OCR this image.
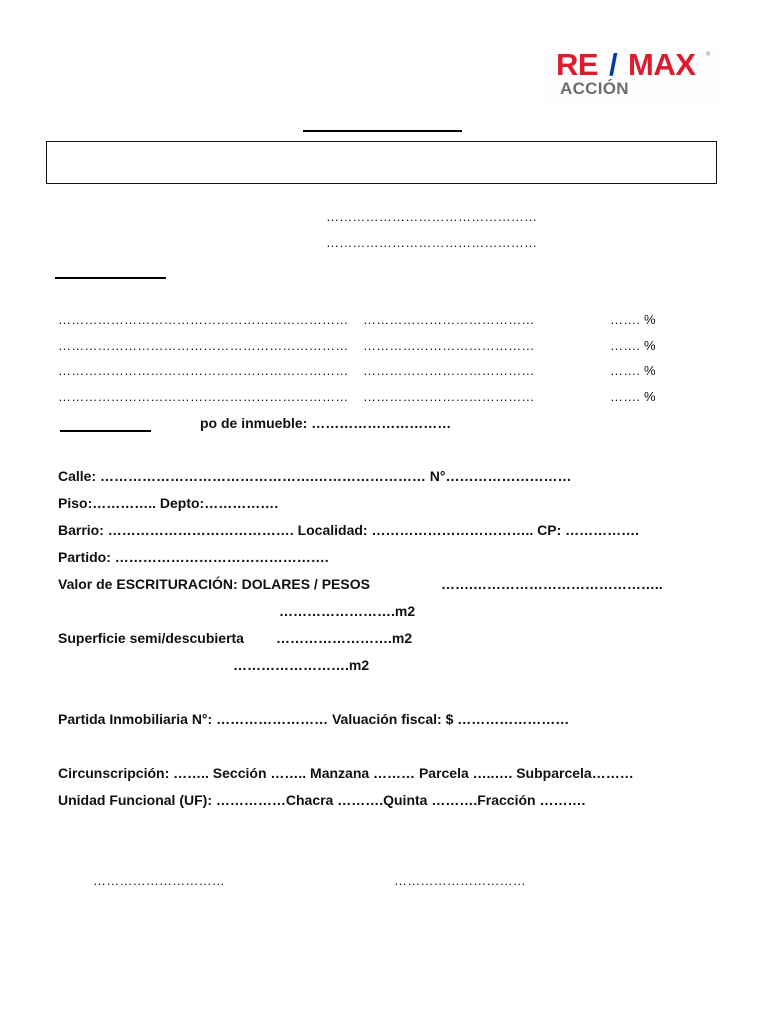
RE / MAX ®
ACCIÓN
…………………………………………
…………………………………………
………………………………………………………… …………………………………	……. %
………………………………………………………… …………………………………	……. %
………………………………………………………… …………………………………	……. %
………………………………………………………… …………………………………	……. %
po de inmueble: …………………………
Calle: ……………………………………….…………………… N°………………………
Piso:………….. Depto:…………….
Barrio: …………………………………. Localidad: …………………………….. CP: …………….
Partido: ……………………………………….
Valor de ESCRITURACIÓN: DOLARES / PESOS	…….…………………………………..
…………………….m2
Superficie semi/descubierta …………………….m2
…………………….m2
Partida Inmobiliaria N°: …………………… Valuación fiscal: $ ……………………
Circunscripción: …….. Sección …….. Manzana ……… Parcela …..…. Subparcela………
Unidad Funcional (UF): ……………Chacra ……….Quinta ……….Fracción ……….
…………………………	…………………………
